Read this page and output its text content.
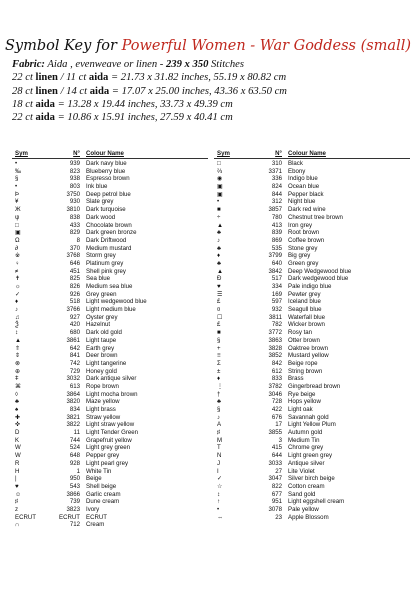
Symbol Key for Powerful Women - War Goddess (small)
Fabric: Aida , evenweave or linen - 239 x 350 Stitches
22 ct linen / 11 ct aida = 21.73 x 31.82 inches, 55.19 x 80.82 cm
28 ct linen / 14 ct aida = 17.07 x 25.00 inches, 43.36 x 63.50 cm
18 ct aida = 13.28 x 19.44 inches, 33.73 x 49.39 cm
22 ct aida = 10.86 x 15.91 inches, 27.59 x 40.41 cm
Sym	N° Colour Name
•	939 Dark navy blue
‰	823 Blueberry blue
§	938 Espresso brown
•	803 Ink blue
Þ	3750 Deep petrol blue
¥	930 Slate grey
Ж	3810 Dark turquoise
ψ	838 Dark wood
□	433 Chocolate brown
▣	829 Dark green bronze
Ω	8 Dark Driftwood
∂	370 Medium mustard
※	3768 Storm grey
♀	646 Platinum grey
≠	451 Shell pink grey
✝	825 Sea blue
☼	826 Medium sea blue
✓	926 Grey green
♦	518 Light wedgewood blue
♪	3766 Light medium blue
♫	927 Oyster grey
Ѯ	420 Hazelnut
↕	680 Dark old gold
▲	3861 Light taupe
⇑	642 Earth grey
⇕	841 Deer brown
⊗	742 Light tangerine
⊕	729 Honey gold
ǂ	3032 Dark antique silver
⌘	613 Rope brown
◊	3864 Light mocha brown
♣	3820 Maze yellow
♠	834 Light brass
✚	3821 Straw yellow
✜	3822 Light straw yellow
D	11 Light Tender Green
K	744 Grapefruit yellow
W	524 Light grey green
W	648 Pepper grey
R	928 Light pearl grey
H	1 White Tin
|	950 Beige
♥	543 Shell beige
☺	3866 Garlic cream
♯	739 Dune cream
z	3823 Ivory
ECRUT	ECRUT ECRUT
∩	712 Cream
Sym	N° Colour Name
□	310 Black
⅔	3371 Ebony
◉	336 Indigo blue
▣	824 Ocean blue
▣	844 Pepper black
•	312 Night blue
■	3857 Dark red wine
÷	780 Chestnut tree brown
▲	413 Iron grey
♣	839 Root brown
♪	869 Coffee brown
♣	535 Stone grey
♦	3799 Big grey
♣	640 Green grey
▲	3842 Deep Wedgewood blue
Ð	517 Dark wedgewood blue
♥	334 Pale indigo blue
☰	169 Pewter grey
£	597 Iceland blue
¤	932 Seagull blue
☐	3811 Waterfall blue
£	782 Wicker brown
■	3772 Rosy tan
§	3863 Otter brown
+	3828 Oaktree brown
≡	3852 Mustard yellow
Σ	842 Beige rope
±	612 String brown
♦	833 Brass
⋮	3782 Gingerbread brown
†	3046 Rye beige
♣	728 Hops yellow
§	422 Light oak
♪	676 Savannah gold
A	17 Light Yellow Plum
♯	3855 Autumn gold
M	3 Medium Tin
T	415 Chrome grey
N	644 Light green grey
J	3033 Antique silver
I	27 Lite Violet
✓	3047 Silver birch beige
☆	822 Cotton cream
↕	677 Sand gold
↑	951 Light eggshell cream
•	3078 Pale yellow
⇔	23 Apple Blossom
